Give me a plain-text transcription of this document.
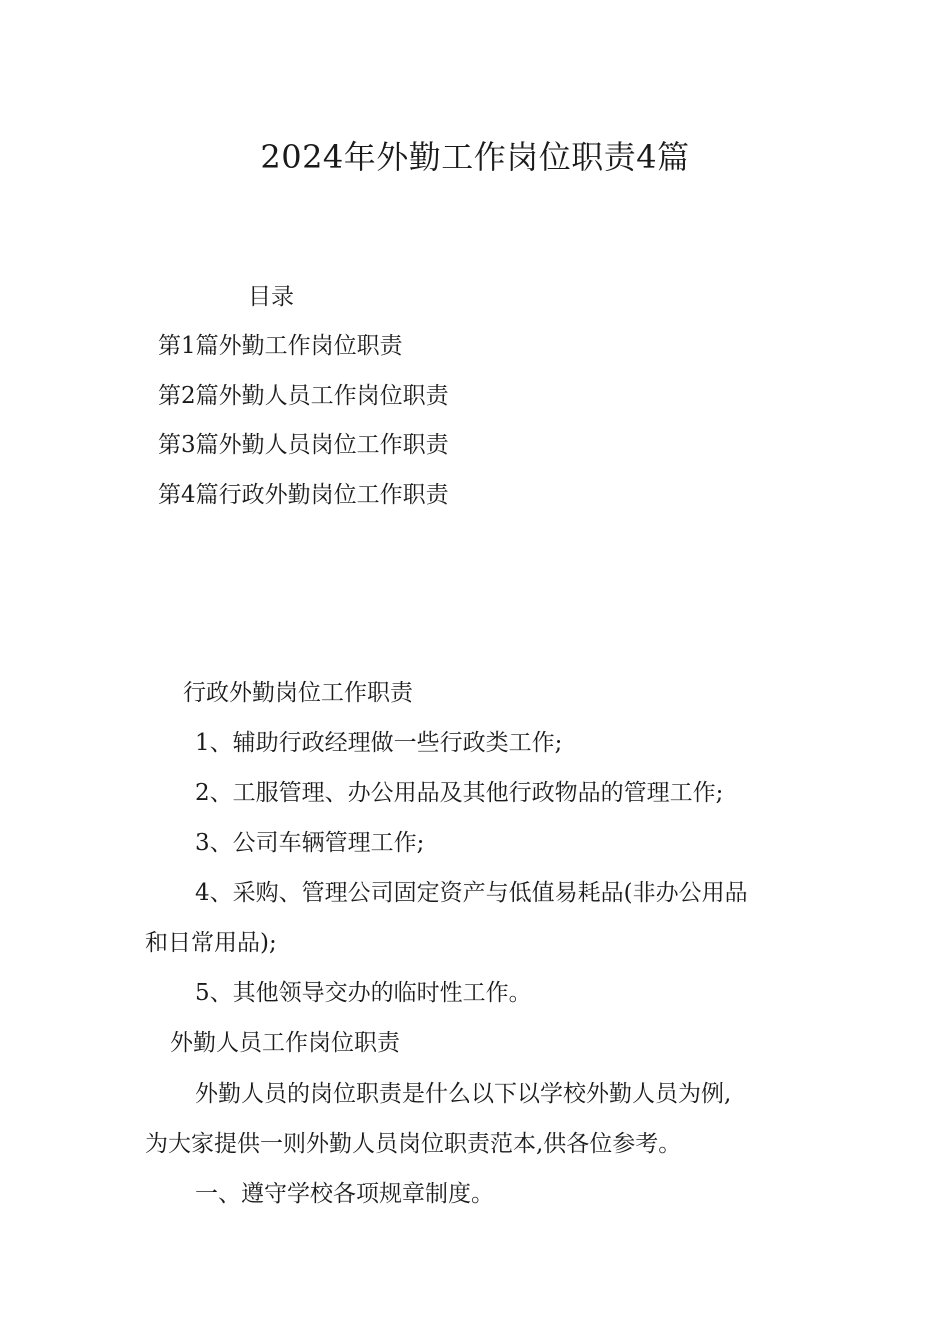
2024年外勤工作岗位职责4篇
目录
第1篇外勤工作岗位职责
第2篇外勤人员工作岗位职责
第3篇外勤人员岗位工作职责
第4篇行政外勤岗位工作职责
行政外勤岗位工作职责
1、辅助行政经理做一些行政类工作;
2、工服管理、办公用品及其他行政物品的管理工作;
3、公司车辆管理工作;
4、采购、管理公司固定资产与低值易耗品(非办公用品
和日常用品);
5、其他领导交办的临时性工作。
外勤人员工作岗位职责
外勤人员的岗位职责是什么以下以学校外勤人员为例,
为大家提供一则外勤人员岗位职责范本,供各位参考。
一、遵守学校各项规章制度。
